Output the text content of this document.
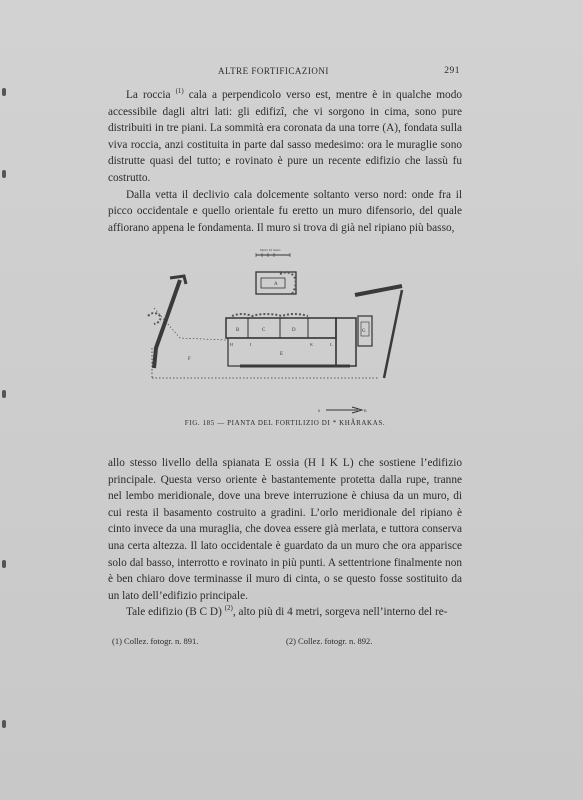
ALTRE FORTIFICAZIONI	291

La roccia $^{(1)}$ cala a perpendicolo verso est, mentre è in qualche modo accessibile dagli altri lati: gli edifizî, che vi sorgono in cima, sono pure distribuiti in tre piani. La sommità era coronata da una torre (A), fondata sulla viva roccia, anzi costituita in parte dal sasso medesimo: ora le muraglie sono distrutte quasi del tutto; e rovinato è pure un recente edifizio che lassù fu costrutto.

Dalla vetta il declivio cala dolcemente soltanto verso nord: onde fra il picco occidentale e quello orientale fu eretto un muro difensorio, del quale affiorano appena le fondamenta. Il muro si trova di già nel ripiano più basso,

Metri 10 metri
s	n
A
B	C	D
E
F
G
H	I	K	L
FIG. 185 — PIANTA DEL FORTILIZIO DI * KHÂRAKAS.

allo stesso livello della spianata E ossia (H I K L) che sostiene l’edifizio principale. Questa verso oriente è bastantemente protetta dalla rupe, tranne nel lembo meridionale, dove una breve interruzione è chiusa da un muro, di cui resta il basamento costruito a gradini. L’orlo meridionale del ripiano è cinto invece da una muraglia, che dovea essere già merlata, e tuttora conserva una certa altezza. Il lato occidentale è guardato da un muro che ora apparisce solo dal basso, interrotto e rovinato in più punti. A settentrione finalmente non è ben chiaro dove terminasse il muro di cinta, o se questo fosse sostituito da un lato dell’edifizio principale.

Tale edifizio (B C D) $^{(2)}$, alto più di 4 metri, sorgeva nell’interno del re-

(1) Collez. fotogr. n. 891.	(2) Collez. fotogr. n. 892.
